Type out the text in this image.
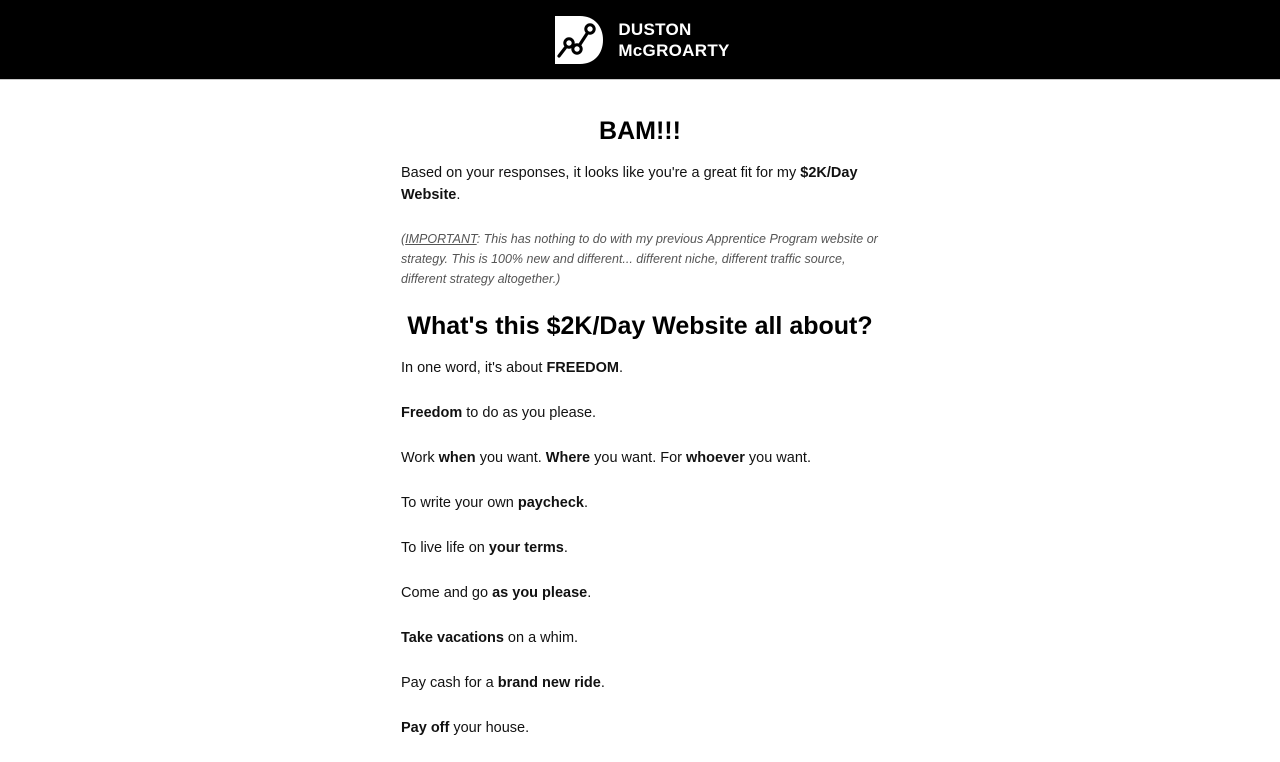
DUSTON
McGROARTY
BAM!!!

Based on your responses, it looks like you're a great fit for my $2K/Day Website.

(IMPORTANT: This has nothing to do with my previous Apprentice Program website or strategy. This is 100% new and different... different niche, different traffic source, different strategy altogether.)

What's this $2K/Day Website all about?

In one word, it's about FREEDOM.

Freedom to do as you please.

Work when you want. Where you want. For whoever you want.

To write your own paycheck.

To live life on your terms.

Come and go as you please.

Take vacations on a whim.

Pay cash for a brand new ride.

Pay off your house.
